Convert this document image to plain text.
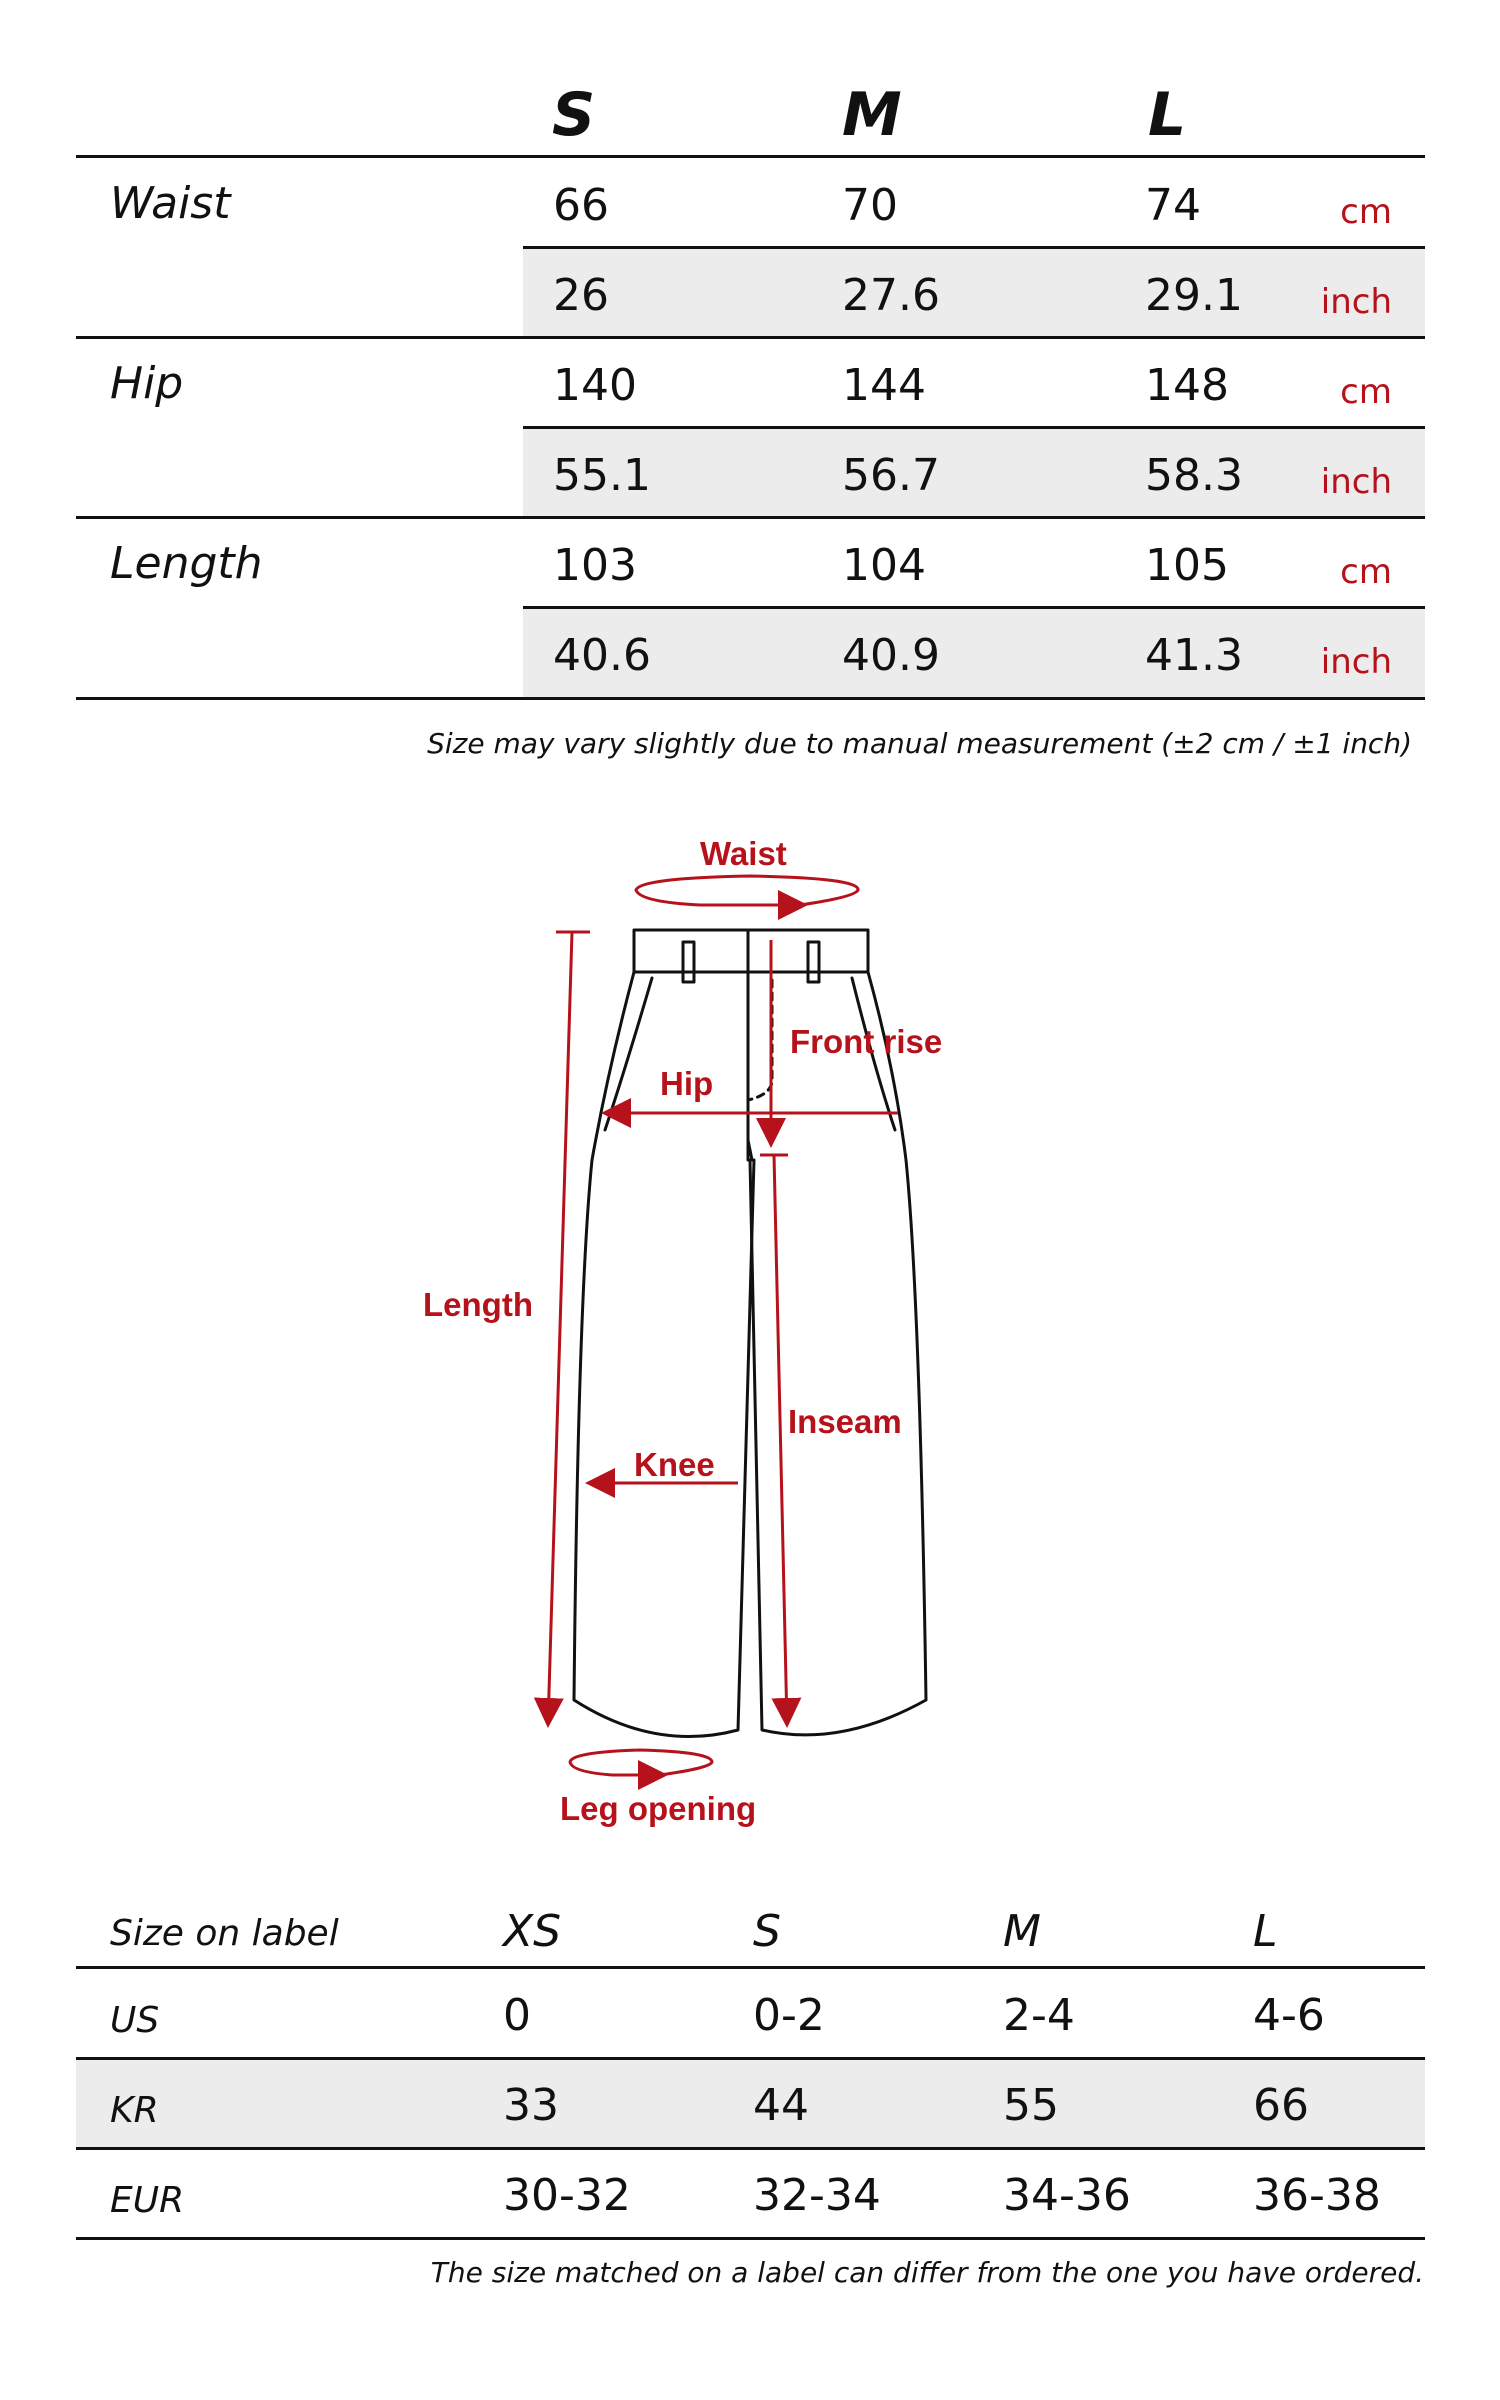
S	M	L
Waist	66	70	74	cm
26	27.6	29.1	inch
Hip	140	144	148	cm
55.1	56.7	58.3	inch
Length	103	104	105	cm
40.6	40.9	41.3	inch
Size may vary slightly due to manual measurement (±2 cm / ±1 inch)
Waist
Front rise
Hip
Length
Inseam
Knee
Leg opening
Size on label	XS	S	M	L
US	0	0-2	2-4	4-6
KR	33	44	55	66
EUR	30-32	32-34	34-36	36-38
The size matched on a label can differ from the one you have ordered.
